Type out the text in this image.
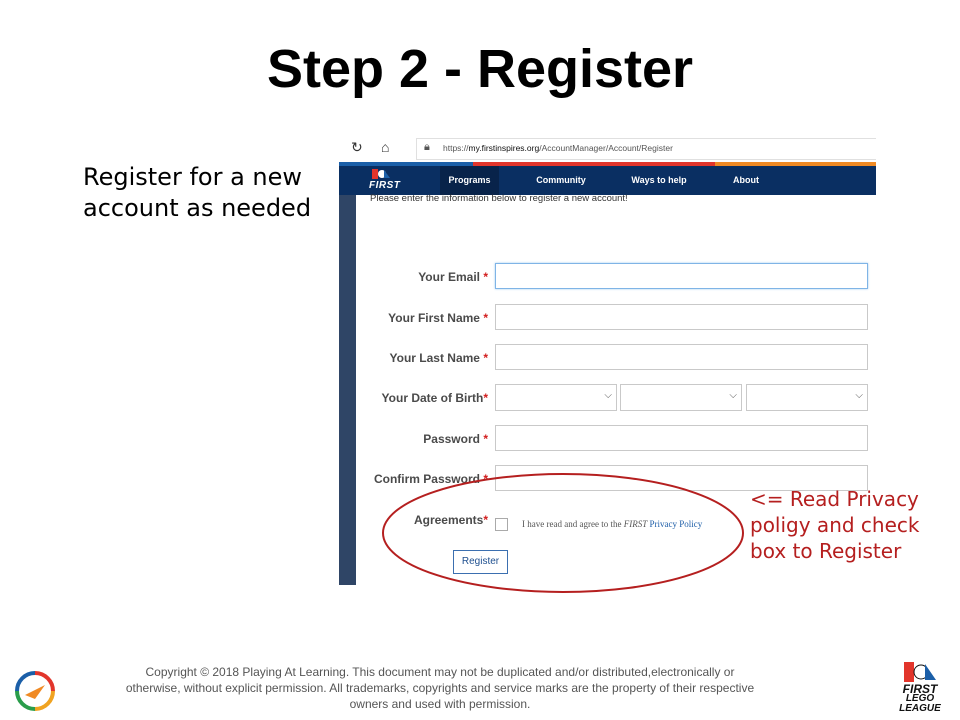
Step 2 - Register
Register for a new account as needed
↻ ⌂	🔒︎ https://my.firstinspires.org/AccountManager/Account/Register
FIRST	Programs	Community	Ways to help	About
Please enter the information below to register a new account!
Your Email *
Your First Name *
Your Last Name *
Your Date of Birth*	⌵	⌵	⌵
Password *
Confirm Password *
Agreements*	I have read and agree to the FIRST Privacy Policy
Register
<= Read Privacy poligy and check box to Register
Copyright © 2018 Playing At Learning. This document may not be duplicated and/or distributed,electronically or otherwise, without explicit permission. All trademarks, copyrights and service marks are the property of their respective owners and used with permission.
FIRST
LEGO
LEAGUE
